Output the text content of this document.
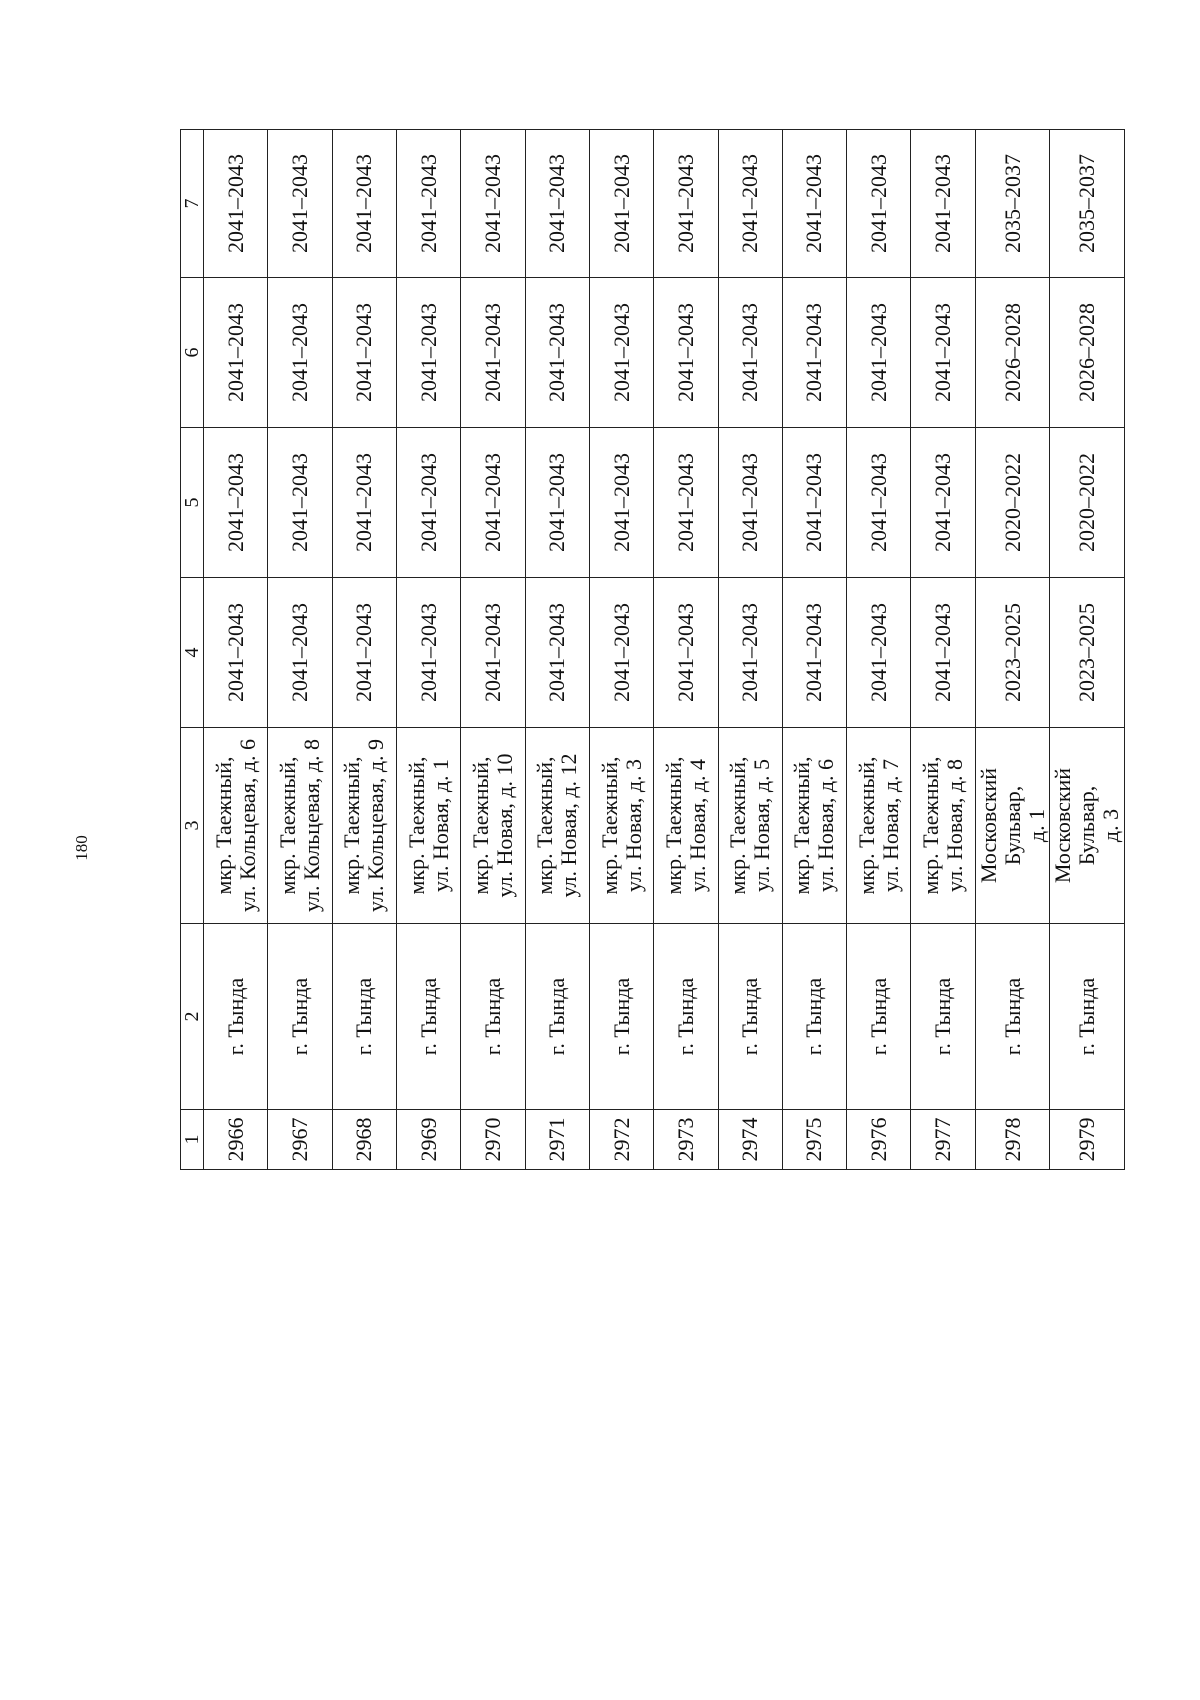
180
1	2	3	4	5	6	7
2966	г. Тында	мкр. Таежный,
ул. Кольцевая, д. 6	2041–2043	2041–2043	2041–2043	2041–2043
2967	г. Тында	мкр. Таежный,
ул. Кольцевая, д. 8	2041–2043	2041–2043	2041–2043	2041–2043
2968	г. Тында	мкр. Таежный,
ул. Кольцевая, д. 9	2041–2043	2041–2043	2041–2043	2041–2043
2969	г. Тында	мкр. Таежный,
ул. Новая, д. 1	2041–2043	2041–2043	2041–2043	2041–2043
2970	г. Тында	мкр. Таежный,
ул. Новая, д. 10	2041–2043	2041–2043	2041–2043	2041–2043
2971	г. Тында	мкр. Таежный,
ул. Новая, д. 12	2041–2043	2041–2043	2041–2043	2041–2043
2972	г. Тында	мкр. Таежный,
ул. Новая, д. 3	2041–2043	2041–2043	2041–2043	2041–2043
2973	г. Тында	мкр. Таежный,
ул. Новая, д. 4	2041–2043	2041–2043	2041–2043	2041–2043
2974	г. Тында	мкр. Таежный,
ул. Новая, д. 5	2041–2043	2041–2043	2041–2043	2041–2043
2975	г. Тында	мкр. Таежный,
ул. Новая, д. 6	2041–2043	2041–2043	2041–2043	2041–2043
2976	г. Тында	мкр. Таежный,
ул. Новая, д. 7	2041–2043	2041–2043	2041–2043	2041–2043
2977	г. Тында	мкр. Таежный,
ул. Новая, д. 8	2041–2043	2041–2043	2041–2043	2041–2043
2978	г. Тында	Московский Бульвар,
д. 1	2023–2025	2020–2022	2026–2028	2035–2037
2979	г. Тында	Московский Бульвар,
д. 3	2023–2025	2020–2022	2026–2028	2035–2037
